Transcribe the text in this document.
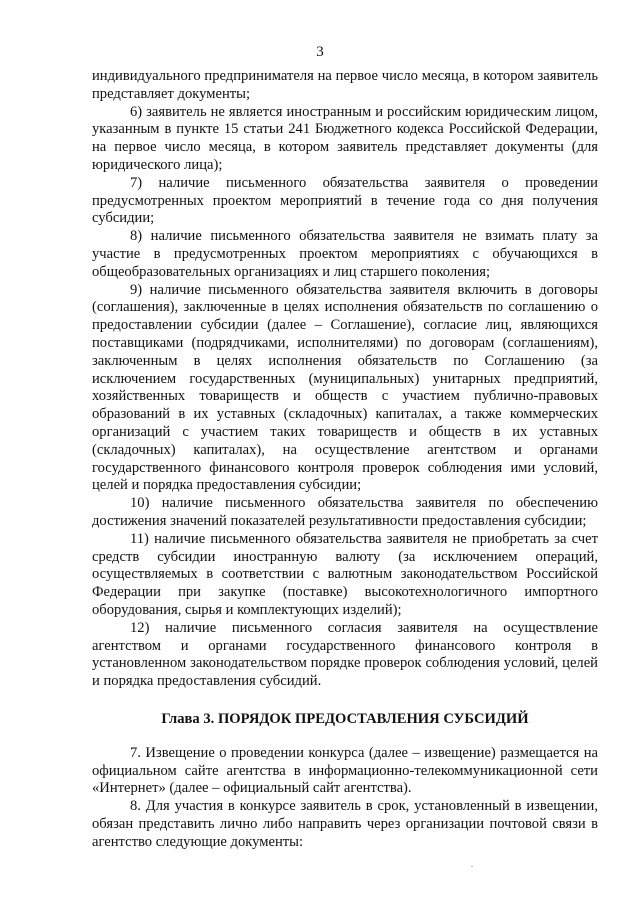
3

индивидуального предпринимателя на первое число месяца, в котором заявитель представляет документы;

6) заявитель не является иностранным и российским юридическим лицом, указанным в пункте 15 статьи 241 Бюджетного кодекса Российской Федерации, на первое число месяца, в котором заявитель представляет документы (для юридического лица);

7) наличие письменного обязательства заявителя о проведении предусмотренных проектом мероприятий в течение года со дня получения субсидии;

8) наличие письменного обязательства заявителя не взимать плату за участие в предусмотренных проектом мероприятиях с обучающихся в общеобразовательных организациях и лиц старшего поколения;

9) наличие письменного обязательства заявителя включить в договоры (соглашения), заключенные в целях исполнения обязательств по соглашению о предоставлении субсидии (далее – Соглашение), согласие лиц, являющихся поставщиками (подрядчиками, исполнителями) по договорам (соглашениям), заключенным в целях исполнения обязательств по Соглашению (за исключением государственных (муниципальных) унитарных предприятий, хозяйственных товариществ и обществ с участием публично-правовых образований в их уставных (складочных) капиталах, а также коммерческих организаций с участием таких товариществ и обществ в их уставных (складочных) капиталах), на осуществление агентством и органами государственного финансового контроля проверок соблюдения ими условий, целей и порядка предоставления субсидии;

10) наличие письменного обязательства заявителя по обеспечению достижения значений показателей результативности предоставления субсидии;

11) наличие письменного обязательства заявителя не приобретать за счет средств субсидии иностранную валюту (за исключением операций, осуществляемых в соответствии с валютным законодательством Российской Федерации при закупке (поставке) высокотехнологичного импортного оборудования, сырья и комплектующих изделий);

12) наличие письменного согласия заявителя на осуществление агентством и органами государственного финансового контроля в установленном законодательством порядке проверок соблюдения условий, целей и порядка предоставления субсидий.

Глава 3. ПОРЯДОК ПРЕДОСТАВЛЕНИЯ СУБСИДИЙ

7. Извещение о проведении конкурса (далее – извещение) размещается на официальном сайте агентства в информационно-телекоммуникационной сети «Интернет» (далее – официальный сайт агентства).

8. Для участия в конкурсе заявитель в срок, установленный в извещении, обязан представить лично либо направить через организации почтовой связи в агентство следующие документы:
